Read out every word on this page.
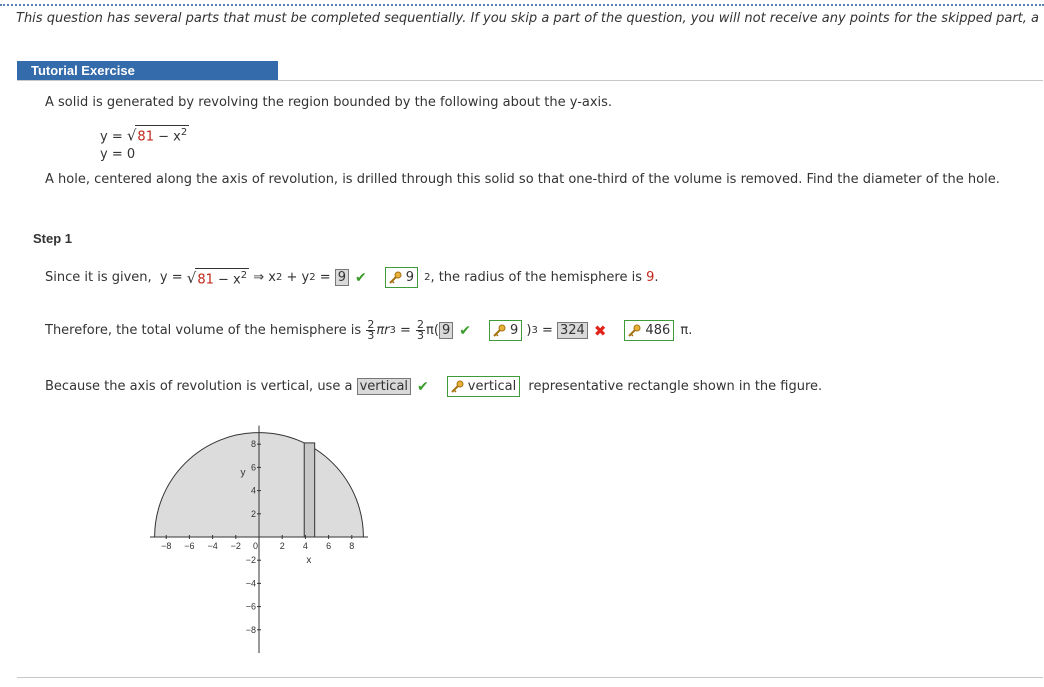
This question has several parts that must be completed sequentially. If you skip a part of the question, you will not receive any points for the skipped part, a
Tutorial Exercise
A solid is generated by revolving the region bounded by the following about the y-axis.
$y = √81 - x^2$
y = 0
A hole, centered along the axis of revolution, is drilled through this solid so that one-third of the volume is removed. Find the diameter of the hole.
Step 1
Since it is given,  y = √ $81 - x^2$ ⇒ x 2 + y 2 = 9 ✔	9 2 , the radius of the hemisphere is 9 .
Therefore, the total volume of the hemisphere is $\frac{2}{3}$ πr $3 = \frac{2}{3} \pi$( 9 ✔	9 ) 3 = 324 ✖	486 π.
Because the axis of revolution is vertical, use a vertical ✔	vertical representative rectangle shown in the figure.
−8 −6 −4 −2 0 2 4 6 8
8
6
4
2
−2
−4
−6
−8
y
x
